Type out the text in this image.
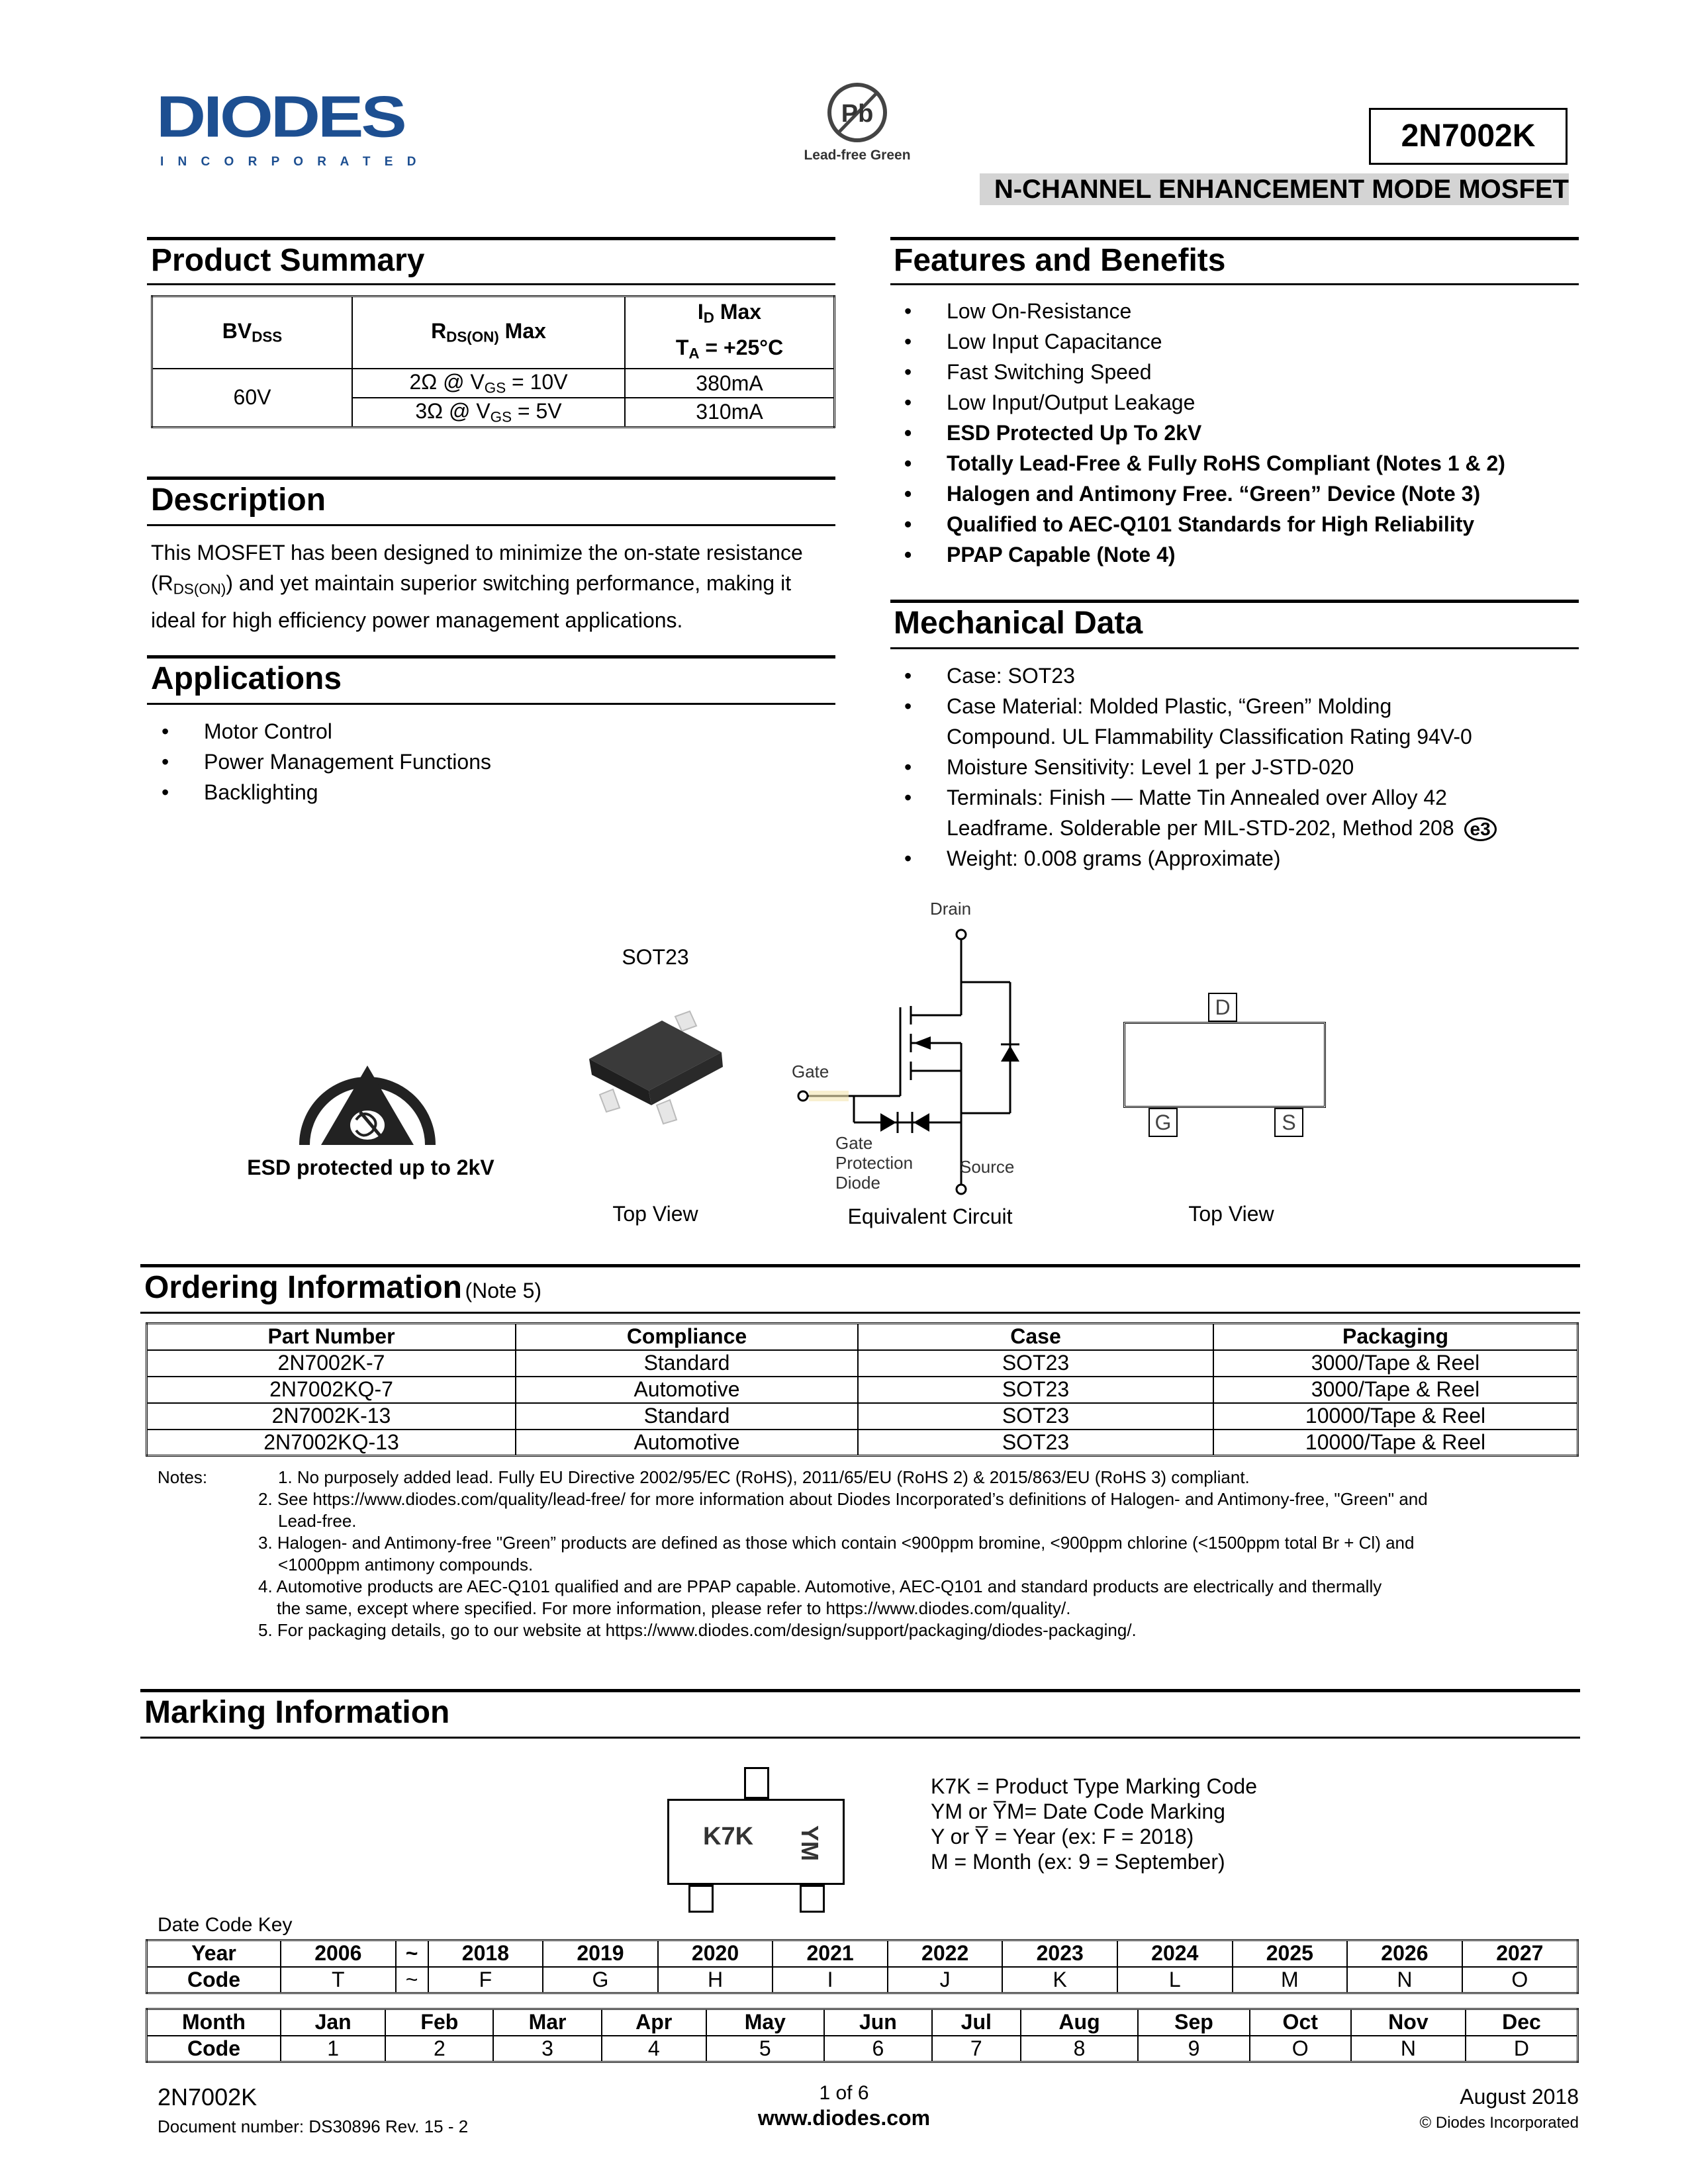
DIODES
I N C O R P O R A T E D
Pb
Lead-free Green
2N7002K
N-CHANNEL ENHANCEMENT MODE MOSFET
Product Summary
$BV_{DSS}$	$R_{DS(ON)}$ Max	$I_D$ Max
$T_A = +25^\circ C$
60V	2Ω @ $V_{GS} = 10V$	380mA
	3Ω @ $V_{GS} = 5V$	310mA
Description
This MOSFET has been designed to minimize the on-state resistance
$(R_{DS(ON)})$ and yet maintain superior switching performance, making it
ideal for high efficiency power management applications.
Applications
• Motor Control
• Power Management Functions
• Backlighting
Features and Benefits
• Low On-Resistance
• Low Input Capacitance
• Fast Switching Speed
• Low Input/Output Leakage
• ESD Protected Up To 2kV
• Totally Lead-Free & Fully RoHS Compliant (Notes 1 & 2)
• Halogen and Antimony Free. “Green” Device (Note 3)
• Qualified to AEC-Q101 Standards for High Reliability
• PPAP Capable (Note 4)
Mechanical Data
• Case: SOT23
• Case Material: Molded Plastic, “Green” Molding
Compound. UL Flammability Classification Rating 94V-0
• Moisture Sensitivity: Level 1 per J-STD-020
• Terminals: Finish — Matte Tin Annealed over Alloy 42
Leadframe. Solderable per MIL-STD-202, Method 208 e3
• Weight: 0.008 grams (Approximate)
ESD protected up to 2kV
SOT23
Top View
Drain
Gate
Gate
Protection
Diode
Source
Equivalent Circuit
D
G	S
Top View
Ordering Information (Note 5)
Part Number	Compliance	Case	Packaging
2N7002K-7	Standard	SOT23	3000/Tape & Reel
2N7002KQ-7	Automotive	SOT23	3000/Tape & Reel
2N7002K-13	Standard	SOT23	10000/Tape & Reel
2N7002KQ-13	Automotive	SOT23	10000/Tape & Reel
Notes:	1. No purposely added lead. Fully EU Directive 2002/95/EC (RoHS), 2011/65/EU (RoHS 2) & 2015/863/EU (RoHS 3) compliant.
2. See https://www.diodes.com/quality/lead-free/ for more information about Diodes Incorporated’s definitions of Halogen- and Antimony-free, "Green" and
Lead-free.
3. Halogen- and Antimony-free "Green” products are defined as those which contain <900ppm bromine, <900ppm chlorine (<1500ppm total Br + Cl) and
<1000ppm antimony compounds.
4. Automotive products are AEC-Q101 qualified and are PPAP capable. Automotive, AEC-Q101 and standard products are electrically and thermally
the same, except where specified. For more information, please refer to https://www.diodes.com/quality/.
5. For packaging details, go to our website at https://www.diodes.com/design/support/packaging/diodes-packaging/.
Marking Information
K7K YM
K7K = Product Type Marking Code
YM or Y̅M= Date Code Marking
Y or Y̅ = Year (ex: F = 2018)
M = Month (ex: 9 = September)
Date Code Key
Year	2006	~	2018	2019	2020	2021	2022	2023	2024	2025	2026	2027
Code	T	~	F	G	H	I	J	K	L	M	N	O
Month	Jan	Feb	Mar	Apr	May	Jun	Jul	Aug	Sep	Oct	Nov	Dec
Code	1	2	3	4	5	6	7	8	9	O	N	D
2N7002K
Document number: DS30896 Rev. 15 - 2
1 of 6
www.diodes.com
August 2018
© Diodes Incorporated
